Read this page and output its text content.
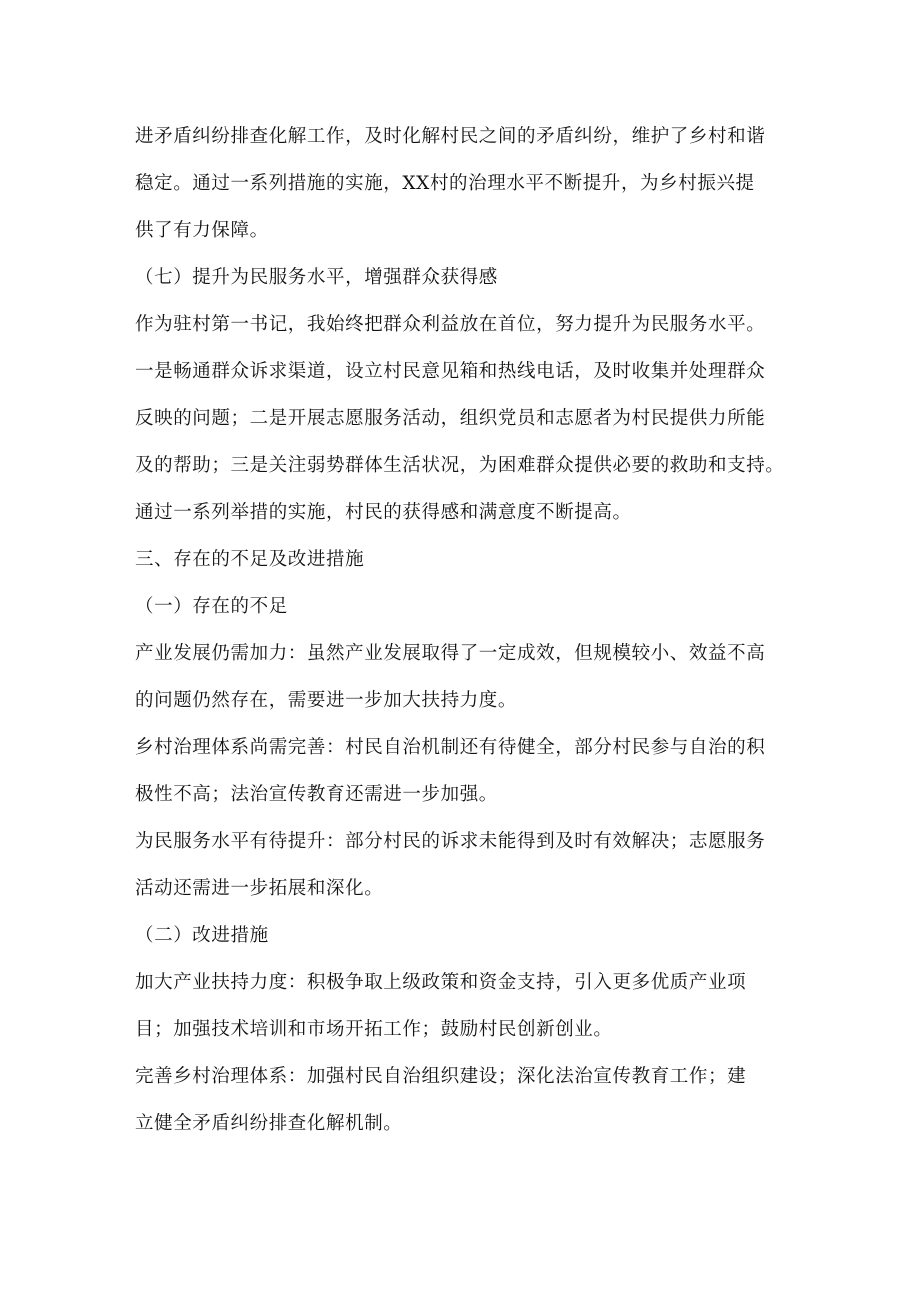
进矛盾纠纷排查化解工作，及时化解村民之间的矛盾纠纷，维护了乡村和谐
稳定。通过一系列措施的实施，XX村的治理水平不断提升，为乡村振兴提
供了有力保障。
（七）提升为民服务水平，增强群众获得感
作为驻村第一书记，我始终把群众利益放在首位，努力提升为民服务水平。
一是畅通群众诉求渠道，设立村民意见箱和热线电话，及时收集并处理群众
反映的问题；二是开展志愿服务活动，组织党员和志愿者为村民提供力所能
及的帮助；三是关注弱势群体生活状况，为困难群众提供必要的救助和支持。
通过一系列举措的实施，村民的获得感和满意度不断提高。
三、存在的不足及改进措施
（一）存在的不足
产业发展仍需加力：虽然产业发展取得了一定成效，但规模较小、效益不高
的问题仍然存在，需要进一步加大扶持力度。
乡村治理体系尚需完善：村民自治机制还有待健全，部分村民参与自治的积
极性不高；法治宣传教育还需进一步加强。
为民服务水平有待提升：部分村民的诉求未能得到及时有效解决；志愿服务
活动还需进一步拓展和深化。
（二）改进措施
加大产业扶持力度：积极争取上级政策和资金支持，引入更多优质产业项
目；加强技术培训和市场开拓工作；鼓励村民创新创业。
完善乡村治理体系：加强村民自治组织建设；深化法治宣传教育工作；建
立健全矛盾纠纷排查化解机制。
